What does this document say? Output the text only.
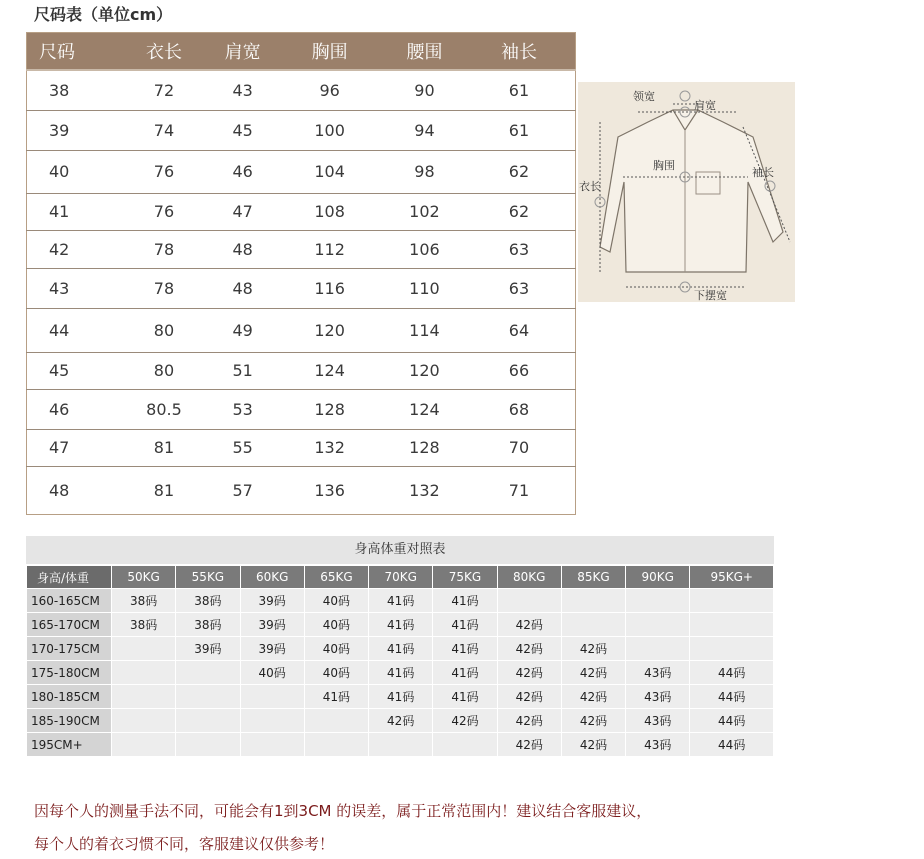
尺码表（单位cm）
尺码	衣长	肩宽	胸围	腰围	袖长
38	72	43	96	90	61
39	74	45	100	94	61
40	76	46	104	98	62
41	76	47	108	102	62
42	78	48	112	106	63
43	78	48	116	110	63
44	80	49	120	114	64
45	80	51	124	120	66
46	80.5	53	128	124	68
47	81	55	132	128	70
48	81	57	136	132	71
领宽
肩宽
胸围
衣长
袖长
下摆宽
身高体重对照表
身高/体重	50KG	55KG	60KG	65KG	70KG	75KG	80KG	85KG	90KG	95KG+
160-165CM	38码	38码	39码	40码	41码	41码				
165-170CM	38码	38码	39码	40码	41码	41码	42码			
170-175CM		39码	39码	40码	41码	41码	42码	42码		
175-180CM			40码	40码	41码	41码	42码	42码	43码	44码
180-185CM				41码	41码	41码	42码	42码	43码	44码
185-190CM					42码	42码	42码	42码	43码	44码
195CM+							42码	42码	43码	44码
因每个人的测量手法不同，可能会有1到3CM 的误差，属于正常范围内！建议结合客服建议，
每个人的着衣习惯不同，客服建议仅供参考！
